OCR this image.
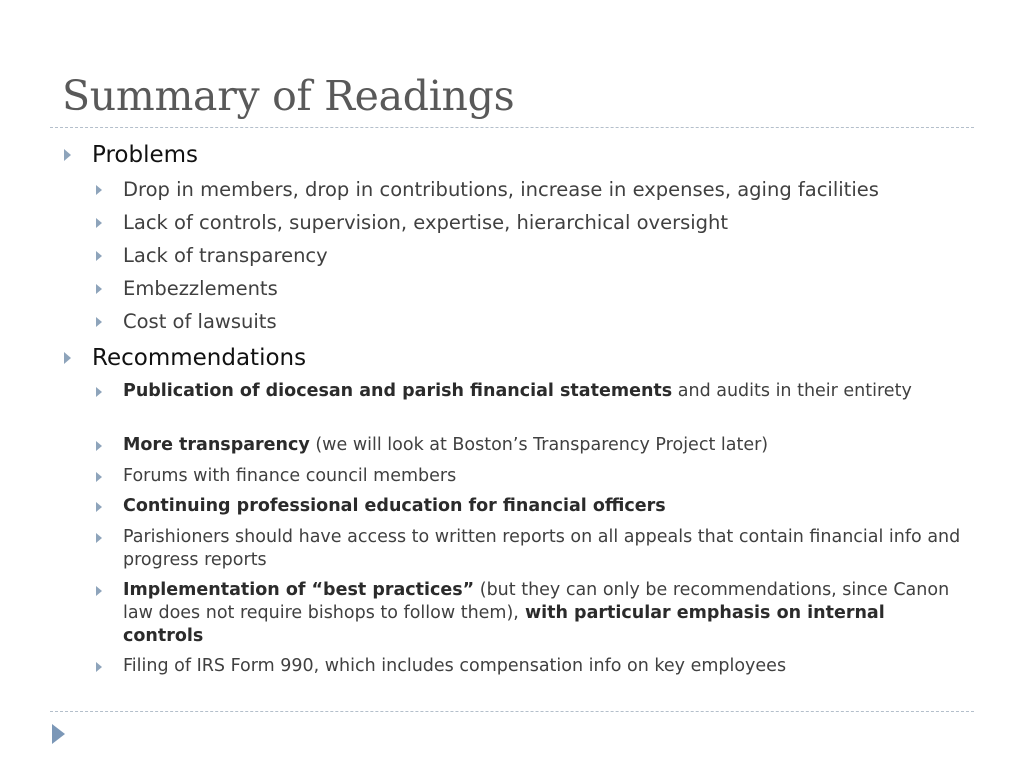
Summary of Readings
Problems
Drop in members, drop in contributions, increase in expenses, aging facilities
Lack of controls, supervision, expertise, hierarchical oversight
Lack of transparency
Embezzlements
Cost of lawsuits
Recommendations
Publication of diocesan and parish financial statements and audits in their entirety
More transparency (we will look at Boston’s Transparency Project later)
Forums with finance council members
Continuing professional education for financial officers
Parishioners should have access to written reports on all appeals that contain financial info and progress reports
Implementation of “best practices” (but they can only be recommendations, since Canon law does not require bishops to follow them), with particular emphasis on internal controls
Filing of IRS Form 990, which includes compensation info on key employees
